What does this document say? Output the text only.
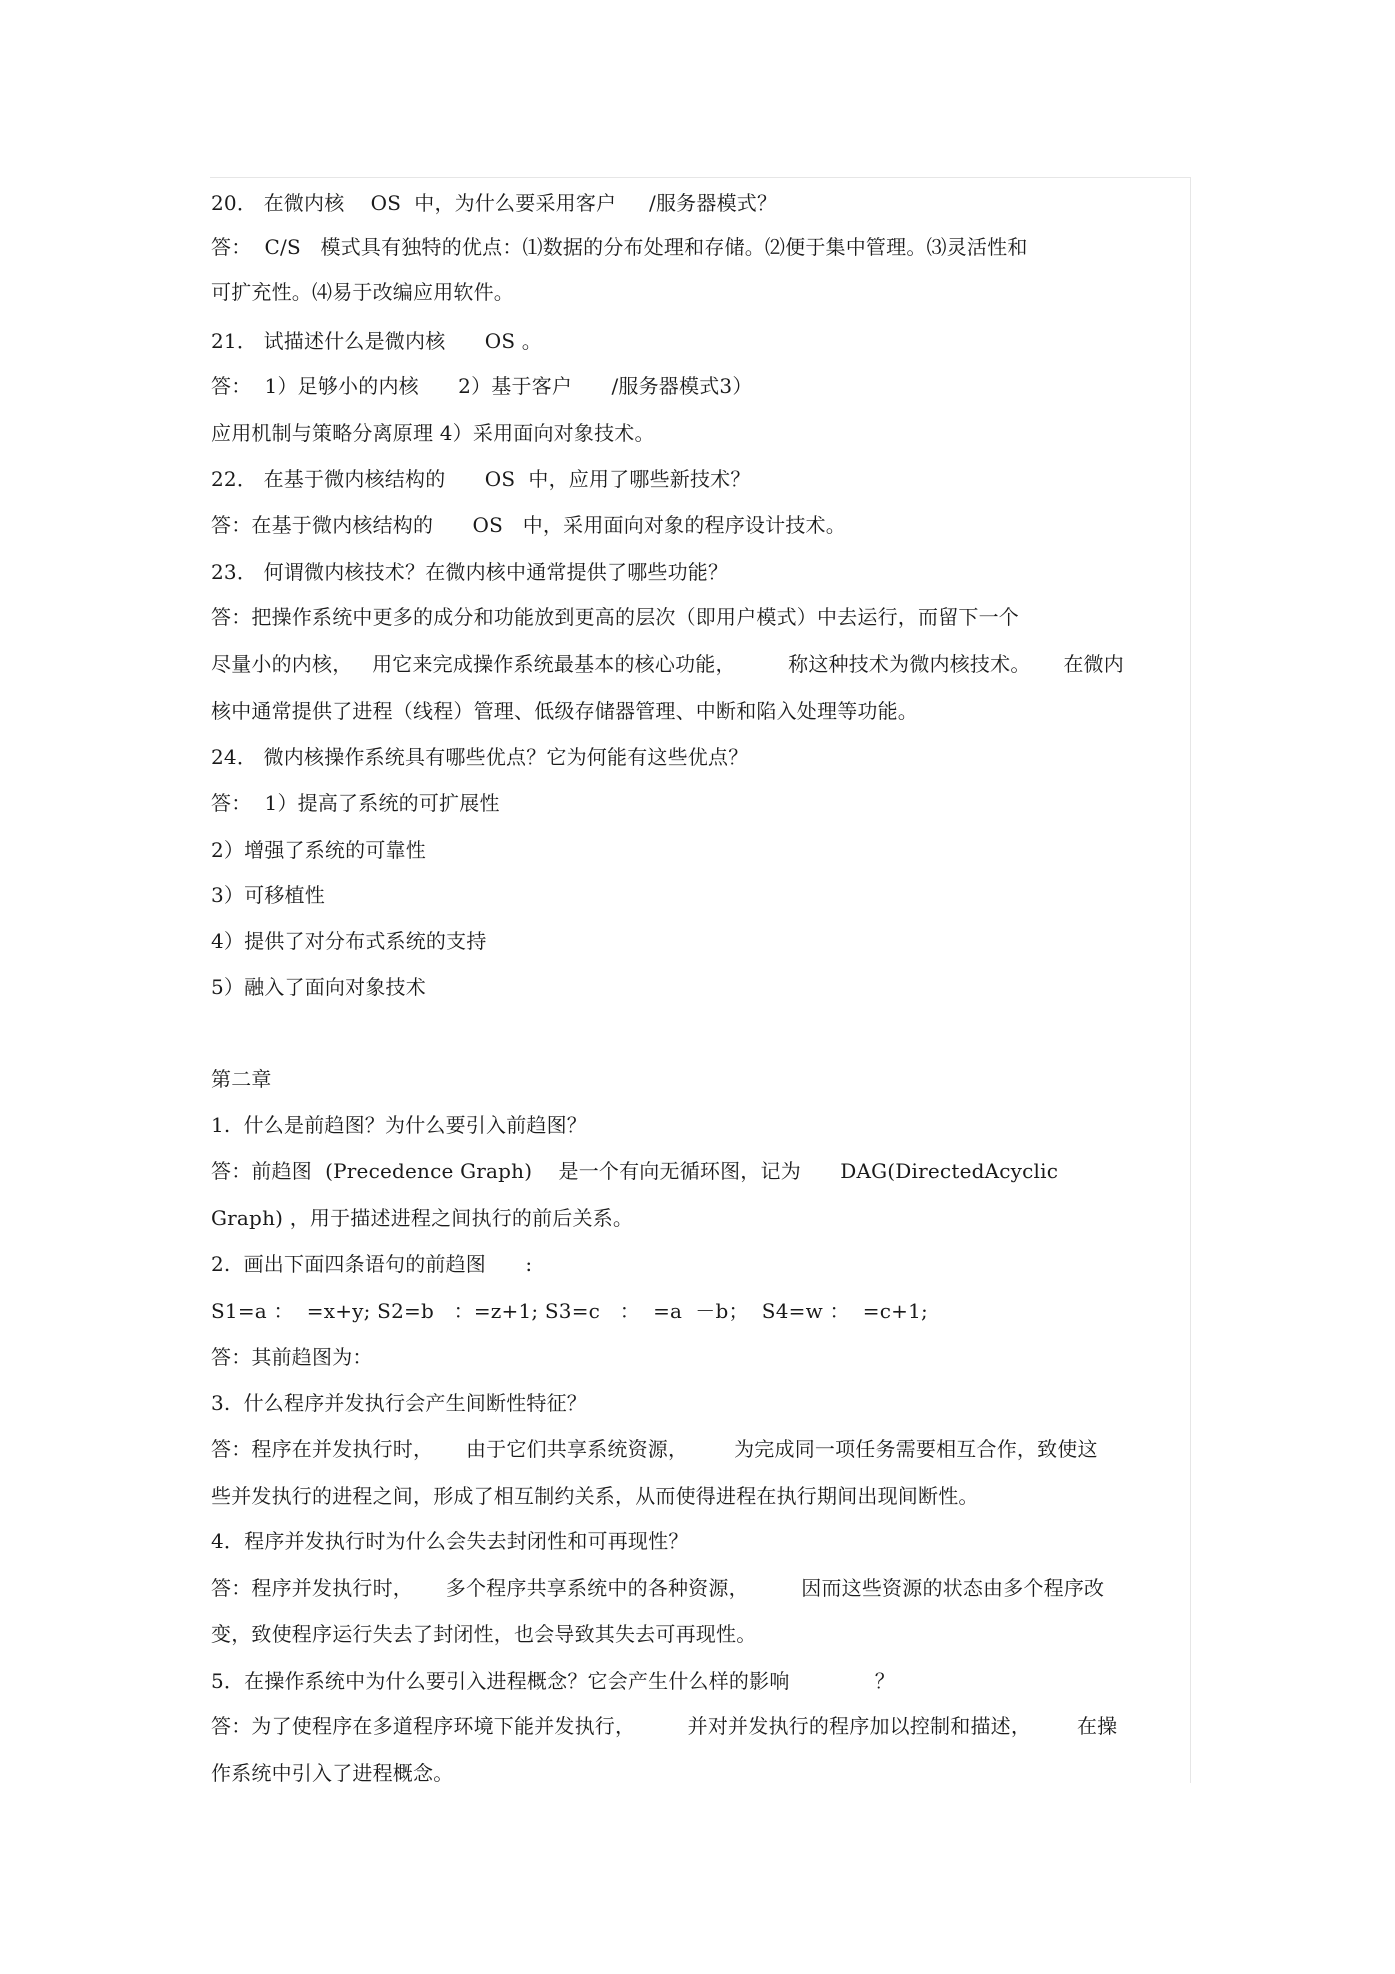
20． 在微内核    OS  中，为什么要采用客户     /服务器模式？
答：  C/S   模式具有独特的优点：⑴数据的分布处理和存储。⑵便于集中管理。⑶灵活性和
可扩充性。⑷易于改编应用软件。
21． 试描述什么是微内核      OS 。
答：  1）足够小的内核      2）基于客户      /服务器模式3）
应用机制与策略分离原理 4）采用面向对象技术。
22． 在基于微内核结构的      OS  中，应用了哪些新技术？
答：在基于微内核结构的      OS   中，采用面向对象的程序设计技术。
23． 何谓微内核技术？在微内核中通常提供了哪些功能？
答：把操作系统中更多的成分和功能放到更高的层次（即用户模式）中去运行，而留下一个
尽量小的内核，   用它来完成操作系统最基本的核心功能，        称这种技术为微内核技术。     在微内
核中通常提供了进程（线程）管理、低级存储器管理、中断和陷入处理等功能。
24． 微内核操作系统具有哪些优点？它为何能有这些优点？
答：  1）提高了系统的可扩展性
2）增强了系统的可靠性
3）可移植性
4）提供了对分布式系统的支持
5）融入了面向对象技术
第二章
1.  什么是前趋图？为什么要引入前趋图？
答：前趋图  (Precedence Graph)    是一个有向无循环图，记为      DAG(DirectedAcyclic
Graph) ，用于描述进程之间执行的前后关系。
2.  画出下面四条语句的前趋图      :
S1=a ：  =x+y; S2=b   ：=z+1; S3=c   ：  =a  －b；  S4=w ：  =c+1;
答：其前趋图为：
3.  什么程序并发执行会产生间断性特征？
答：程序在并发执行时，     由于它们共享系统资源，       为完成同一项任务需要相互合作，致使这
些并发执行的进程之间，形成了相互制约关系，从而使得进程在执行期间出现间断性。
4．程序并发执行时为什么会失去封闭性和可再现性？
答：程序并发执行时，     多个程序共享系统中的各种资源，        因而这些资源的状态由多个程序改
变，致使程序运行失去了封闭性，也会导致其失去可再现性。
5．在操作系统中为什么要引入进程概念？它会产生什么样的影响             ？
答：为了使程序在多道程序环境下能并发执行，        并对并发执行的程序加以控制和描述，       在操
作系统中引入了进程概念。
